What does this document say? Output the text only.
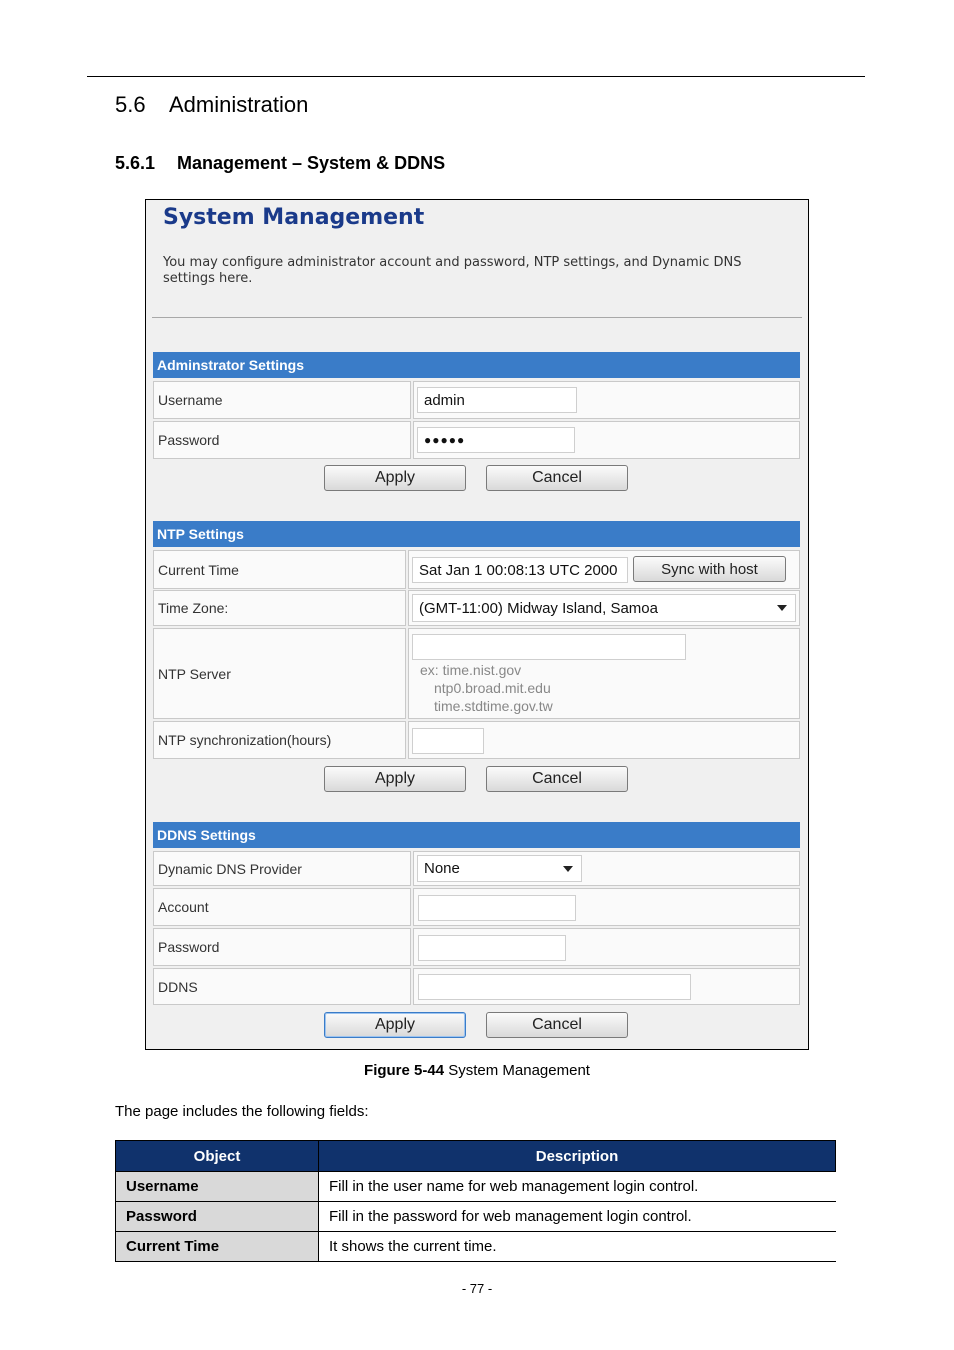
5.6 Administration
5.6.1 Management – System & DDNS
System Management
You may configure administrator account and password, NTP settings, and Dynamic DNS settings here.
Adminstrator Settings
Username	admin
Password	●●●●●
Apply	Cancel
NTP Settings
Current Time	Sat Jan 1 00:08:13 UTC 2000	Sync with host
Time Zone:	(GMT-11:00) Midway Island, Samoa
NTP Server	ex: time.nist.gov
ntp0.broad.mit.edu
time.stdtime.gov.tw
NTP synchronization(hours)
Apply	Cancel
DDNS Settings
Dynamic DNS Provider	None
Account
Password
DDNS
Apply	Cancel
Figure 5-44 System Management
The page includes the following fields:
Object	Description
Username	Fill in the user name for web management login control.
Password	Fill in the password for web management login control.
Current Time	It shows the current time.
- 77 -
